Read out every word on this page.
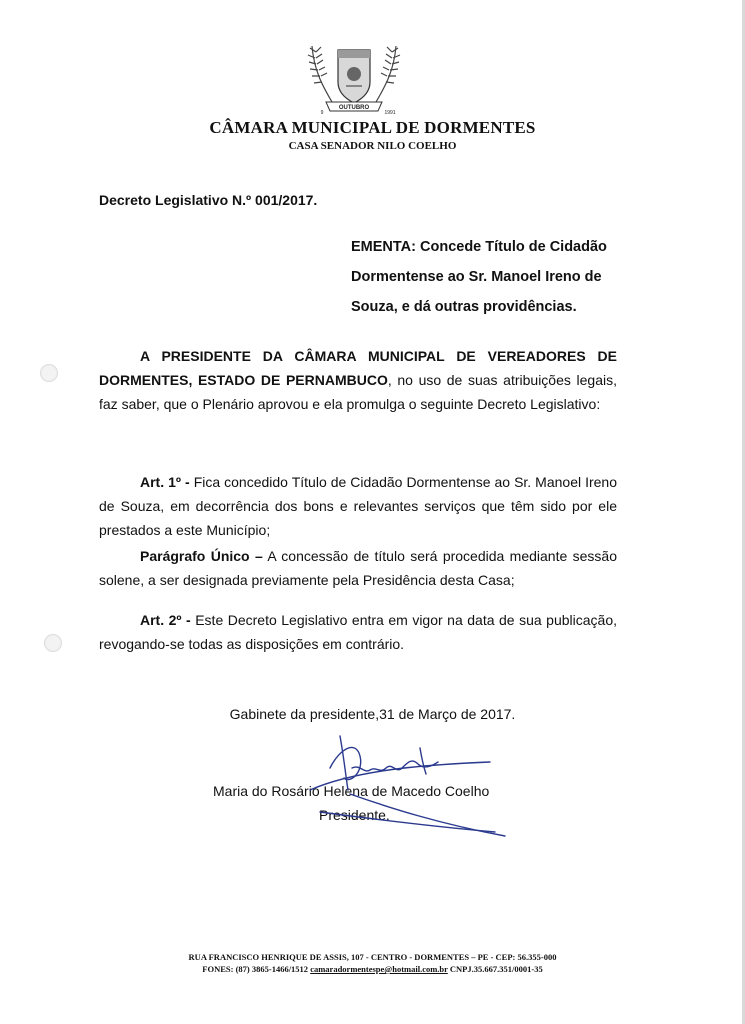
OUTUBRO
1991
9
CÂMARA MUNICIPAL DE DORMENTES
CASA SENADOR NILO COELHO
Decreto Legislativo N.º 001/2017.
EMENTA: Concede Título de Cidadão Dormentense ao Sr. Manoel Ireno de Souza, e dá outras providências.
A PRESIDENTE DA CÂMARA MUNICIPAL DE VEREADORES DE DORMENTES, ESTADO DE PERNAMBUCO, no uso de suas atribuições legais, faz saber, que o Plenário aprovou e ela promulga o seguinte Decreto Legislativo:
Art. 1º - Fica concedido Título de Cidadão Dormentense ao Sr. Manoel Ireno de Souza, em decorrência dos bons e relevantes serviços que têm sido por ele prestados a este Município;
Parágrafo Único – A concessão de título será procedida mediante sessão solene, a ser designada previamente pela Presidência desta Casa;
Art. 2º - Este Decreto Legislativo entra em vigor na data de sua publicação, revogando-se todas as disposições em contrário.
Gabinete da presidente,31 de Março de 2017.
Maria do Rosário Helena de Macedo Coelho
Presidente.
RUA FRANCISCO HENRIQUE DE ASSIS, 107 - CENTRO - DORMENTES – PE - CEP: 56.355-000
FONES: (87) 3865-1466/1512 camaradormentespe@hotmail.com.br CNPJ.35.667.351/0001-35
